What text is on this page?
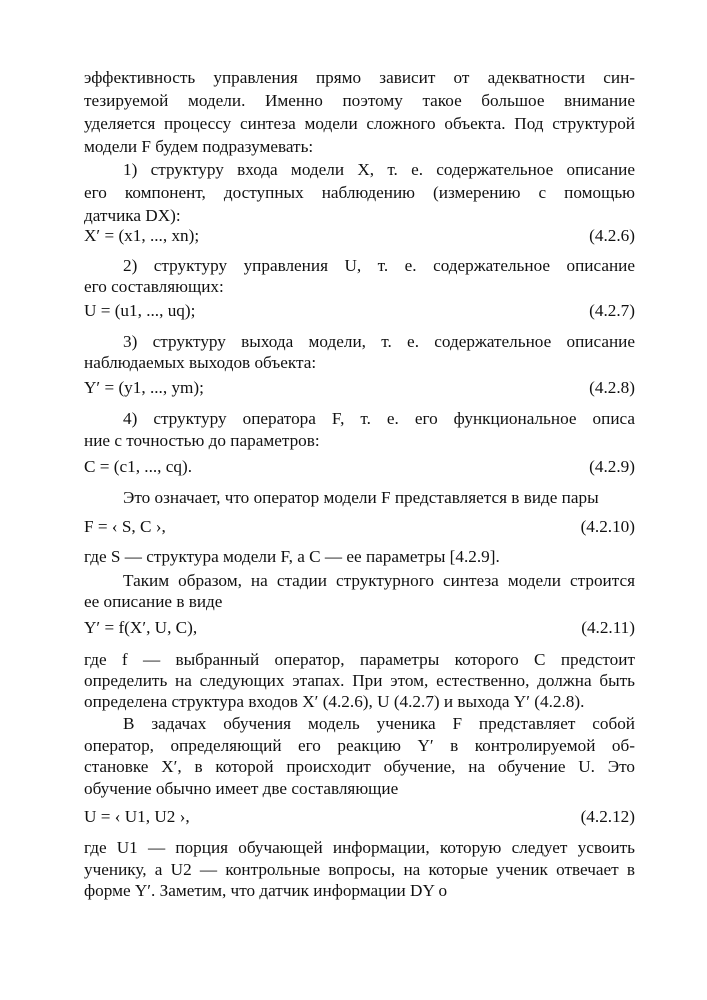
эффективность управления прямо зависит от адекватности син-
тезируемой модели. Именно поэтому такое большое внимание
уделяется процессу синтеза модели сложного объекта. Под структурой
модели F будем подразумевать:
1) структуру входа модели X, т. е. содержательное описание
его компонент, доступных наблюдению (измерению с помощью
датчика DX):
X′ = (x1, ..., xn);	(4.2.6)
2) структуру управления U, т. е. содержательное описание
его составляющих:
U = (u1, ..., uq);	(4.2.7)
3) структуру выхода модели, т. е. содержательное описание
наблюдаемых выходов объекта:
Y′ = (y1, ..., ym);	(4.2.8)
4) структуру оператора F, т. е. его функциональное описа
ние с точностью до параметров:
C = (c1, ..., cq).	(4.2.9)
Это означает, что оператор модели F представляется в виде пары
F = ‹ S, C ›,	(4.2.10)
где S — структура модели F, а C — ее параметры [4.2.9].
Таким образом, на стадии структурного синтеза модели строится
ее описание в виде
Y′ = f(X′, U, C),	(4.2.11)
где f — выбранный оператор, параметры которого C предстоит
определить на следующих этапах. При этом, естественно, должна быть
определена структура входов X′ (4.2.6), U (4.2.7) и выхода Y′ (4.2.8).
В задачах обучения модель ученика F представляет собой
оператор, определяющий его реакцию Y′ в контролируемой об-
становке X′, в которой происходит обучение, на обучение U. Это
обучение обычно имеет две составляющие
U = ‹ U1, U2 ›,	(4.2.12)
где U1 — порция обучающей информации, которую следует усвоить
ученику, а U2 — контрольные вопросы, на которые ученик отвечает в
форме Y′. Заметим, что датчик информации DY о
